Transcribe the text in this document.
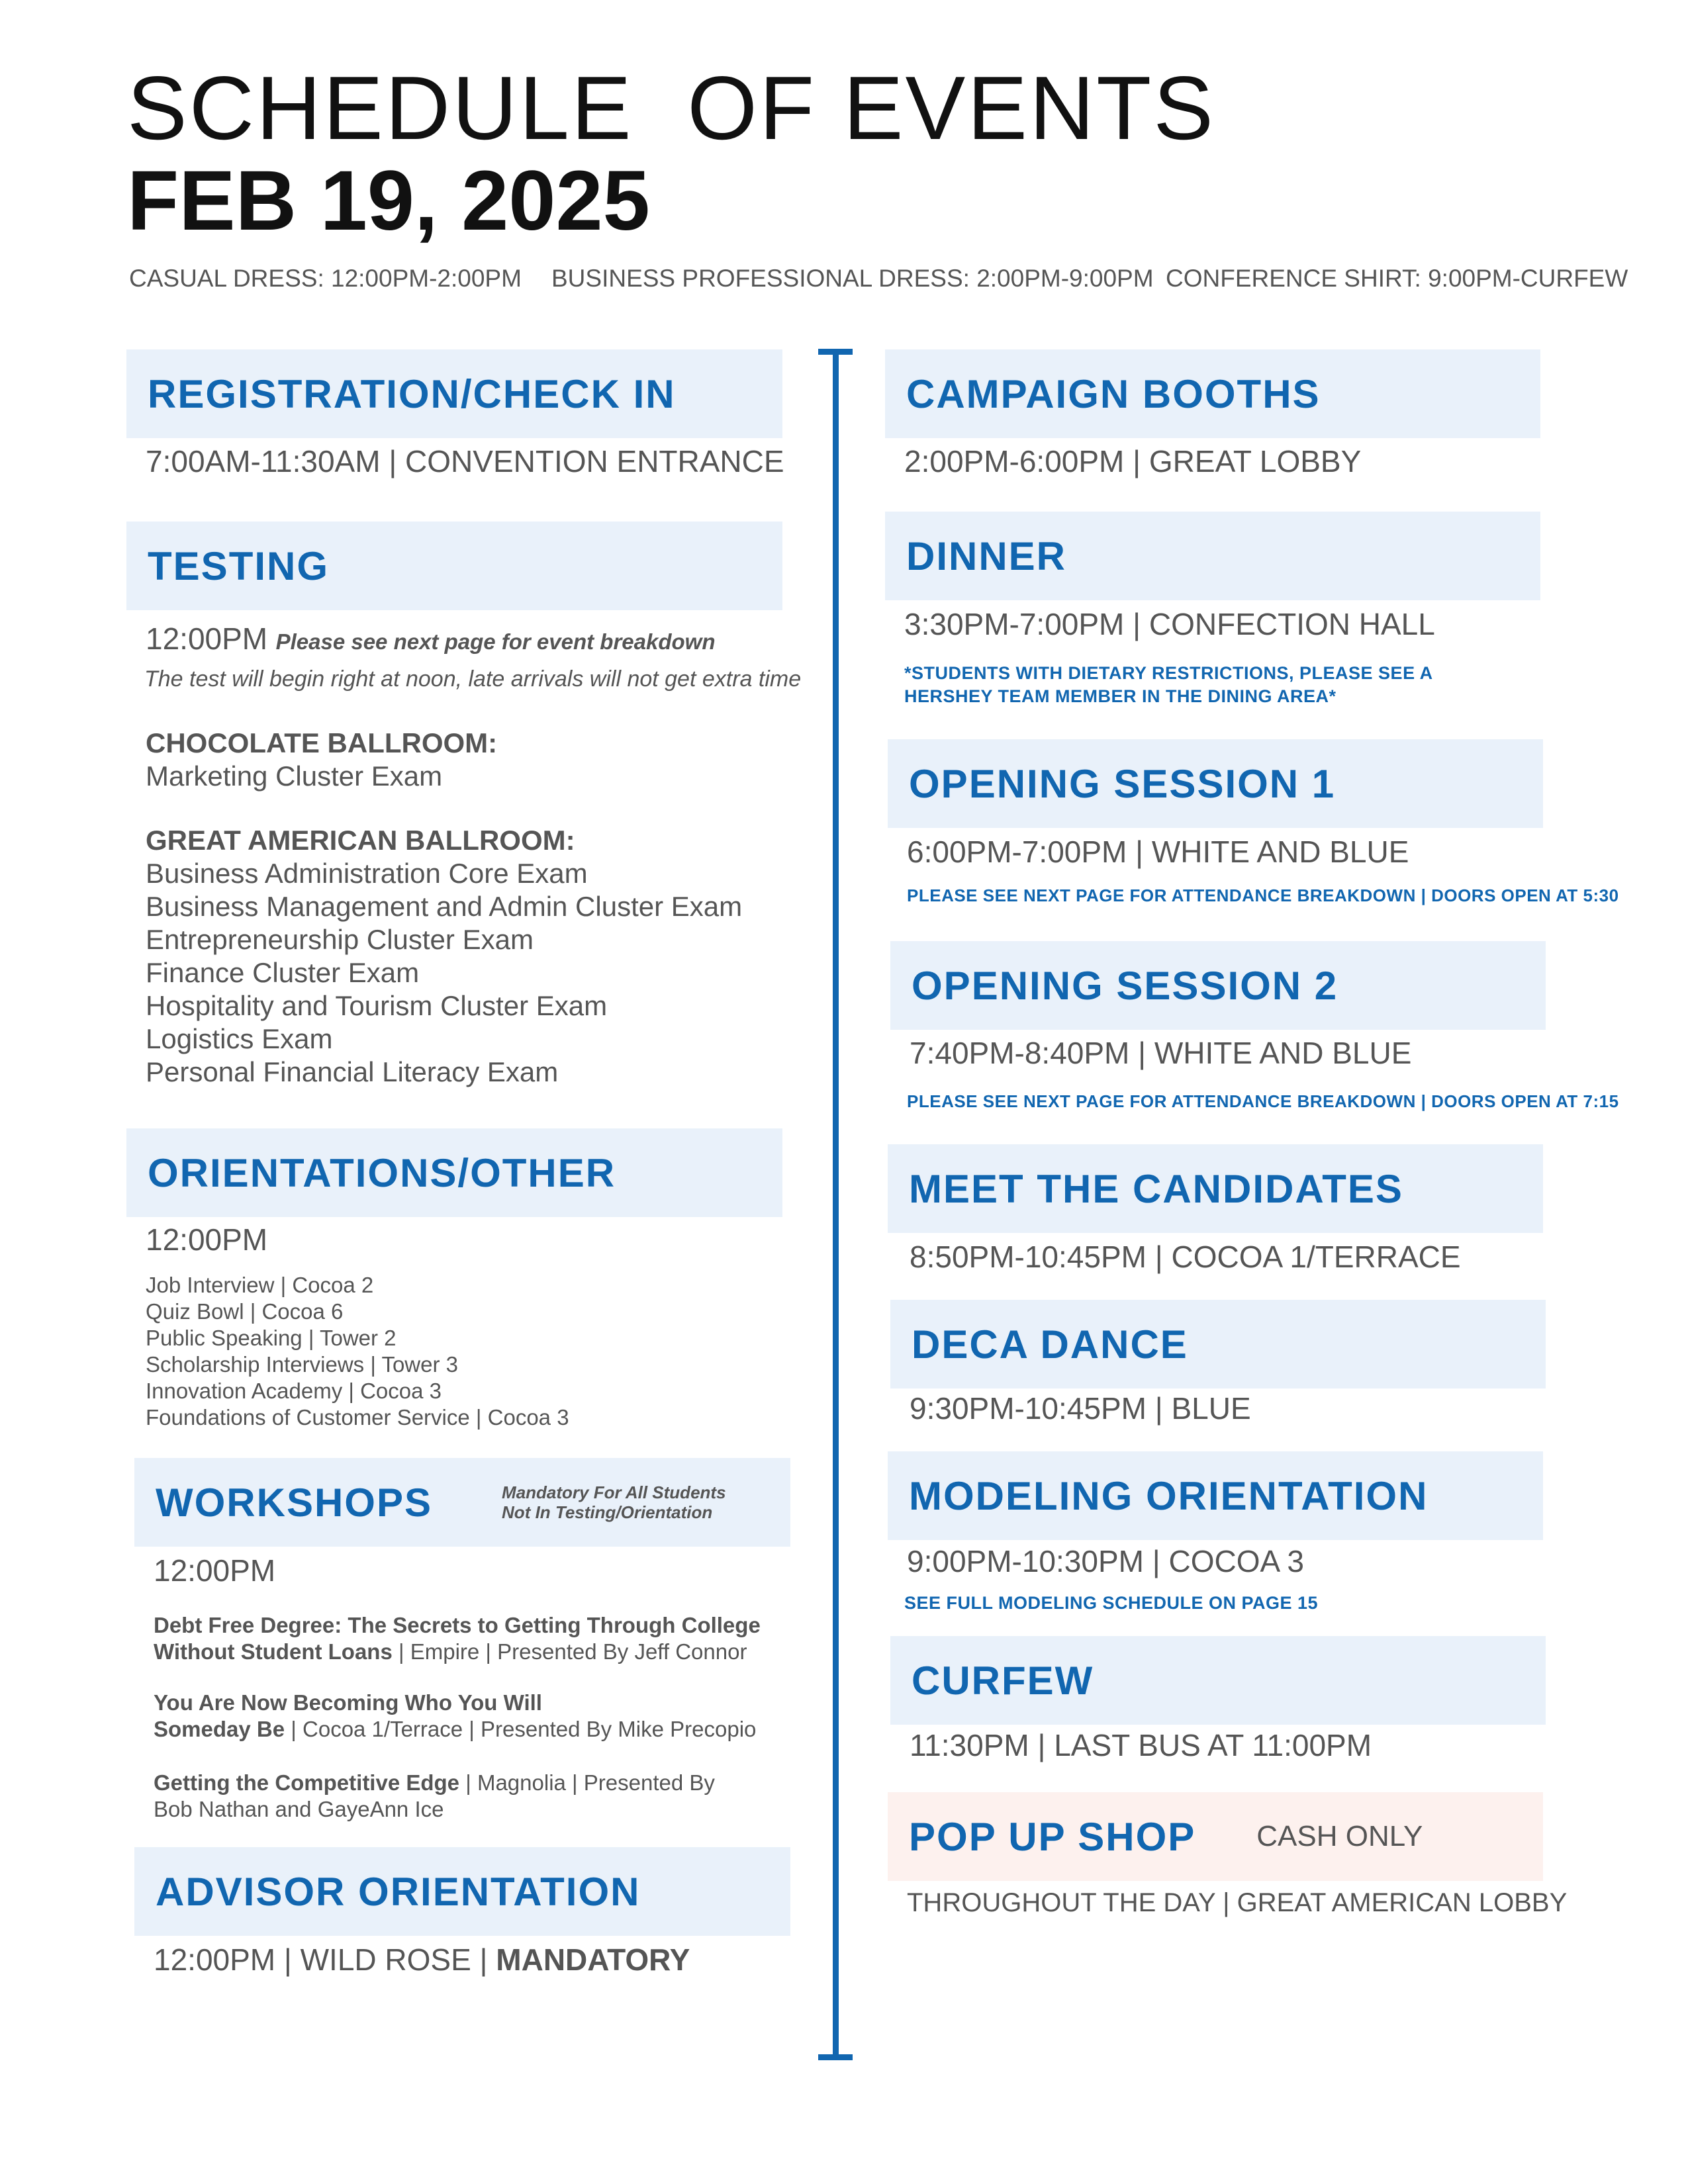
SCHEDULE  OF EVENTS
FEB 19, 2025
CASUAL DRESS: 12:00PM-2:00PM BUSINESS PROFESSIONAL DRESS: 2:00PM-9:00PM CONFERENCE SHIRT: 9:00PM-CURFEW
REGISTRATION/CHECK IN
7:00AM-11:30AM | CONVENTION ENTRANCE
TESTING
12:00PM Please see next page for event breakdown
The test will begin right at noon, late arrivals will not get extra time
CHOCOLATE BALLROOM:
Marketing Cluster Exam
GREAT AMERICAN BALLROOM:
Business Administration Core Exam
Business Management and Admin Cluster Exam
Entrepreneurship Cluster Exam
Finance Cluster Exam
Hospitality and Tourism Cluster Exam
Logistics Exam
Personal Financial Literacy Exam
ORIENTATIONS/OTHER
12:00PM
Job Interview | Cocoa 2
Quiz Bowl | Cocoa 6
Public Speaking | Tower 2
Scholarship Interviews | Tower 3
Innovation Academy | Cocoa 3
Foundations of Customer Service | Cocoa 3
WORKSHOPS	Mandatory For All Students
Not In Testing/Orientation
12:00PM
Debt Free Degree: The Secrets to Getting Through College
Without Student Loans | Empire | Presented By Jeff Connor
You Are Now Becoming Who You Will
Someday Be | Cocoa 1/Terrace | Presented By Mike Precopio
Getting the Competitive Edge | Magnolia | Presented By
Bob Nathan and GayeAnn Ice
ADVISOR ORIENTATION
12:00PM | WILD ROSE | MANDATORY
CAMPAIGN BOOTHS
2:00PM-6:00PM | GREAT LOBBY
DINNER
3:30PM-7:00PM | CONFECTION HALL
*STUDENTS WITH DIETARY RESTRICTIONS, PLEASE SEE A
HERSHEY TEAM MEMBER IN THE DINING AREA*
OPENING SESSION 1
6:00PM-7:00PM | WHITE AND BLUE
PLEASE SEE NEXT PAGE FOR ATTENDANCE BREAKDOWN | DOORS OPEN AT 5:30
OPENING SESSION 2
7:40PM-8:40PM | WHITE AND BLUE
PLEASE SEE NEXT PAGE FOR ATTENDANCE BREAKDOWN | DOORS OPEN AT 7:15
MEET THE CANDIDATES
8:50PM-10:45PM | COCOA 1/TERRACE
DECA DANCE
9:30PM-10:45PM | BLUE
MODELING ORIENTATION
9:00PM-10:30PM | COCOA 3
SEE FULL MODELING SCHEDULE ON PAGE 15
CURFEW
11:30PM | LAST BUS AT 11:00PM
POP UP SHOP CASH ONLY
THROUGHOUT THE DAY | GREAT AMERICAN LOBBY
